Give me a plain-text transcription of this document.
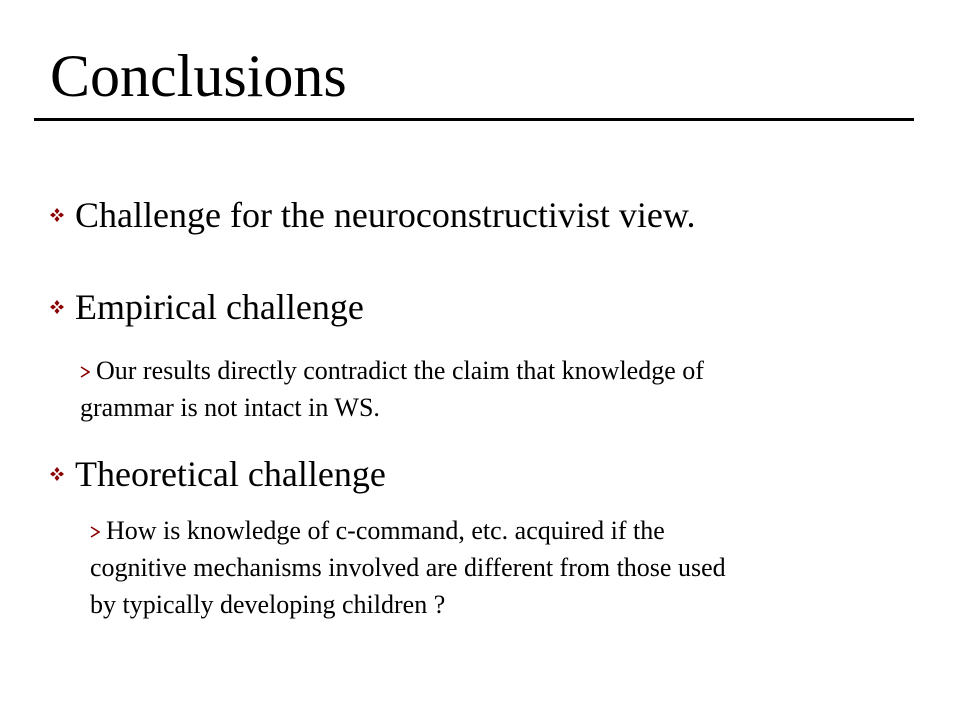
Conclusions
Challenge for the neuroconstructivist view.
Empirical challenge
Our results directly contradict the claim that knowledge of
grammar is not intact in WS.
Theoretical challenge
How is knowledge of c-command, etc. acquired if the
cognitive mechanisms involved are different from those used
by typically developing children ?
